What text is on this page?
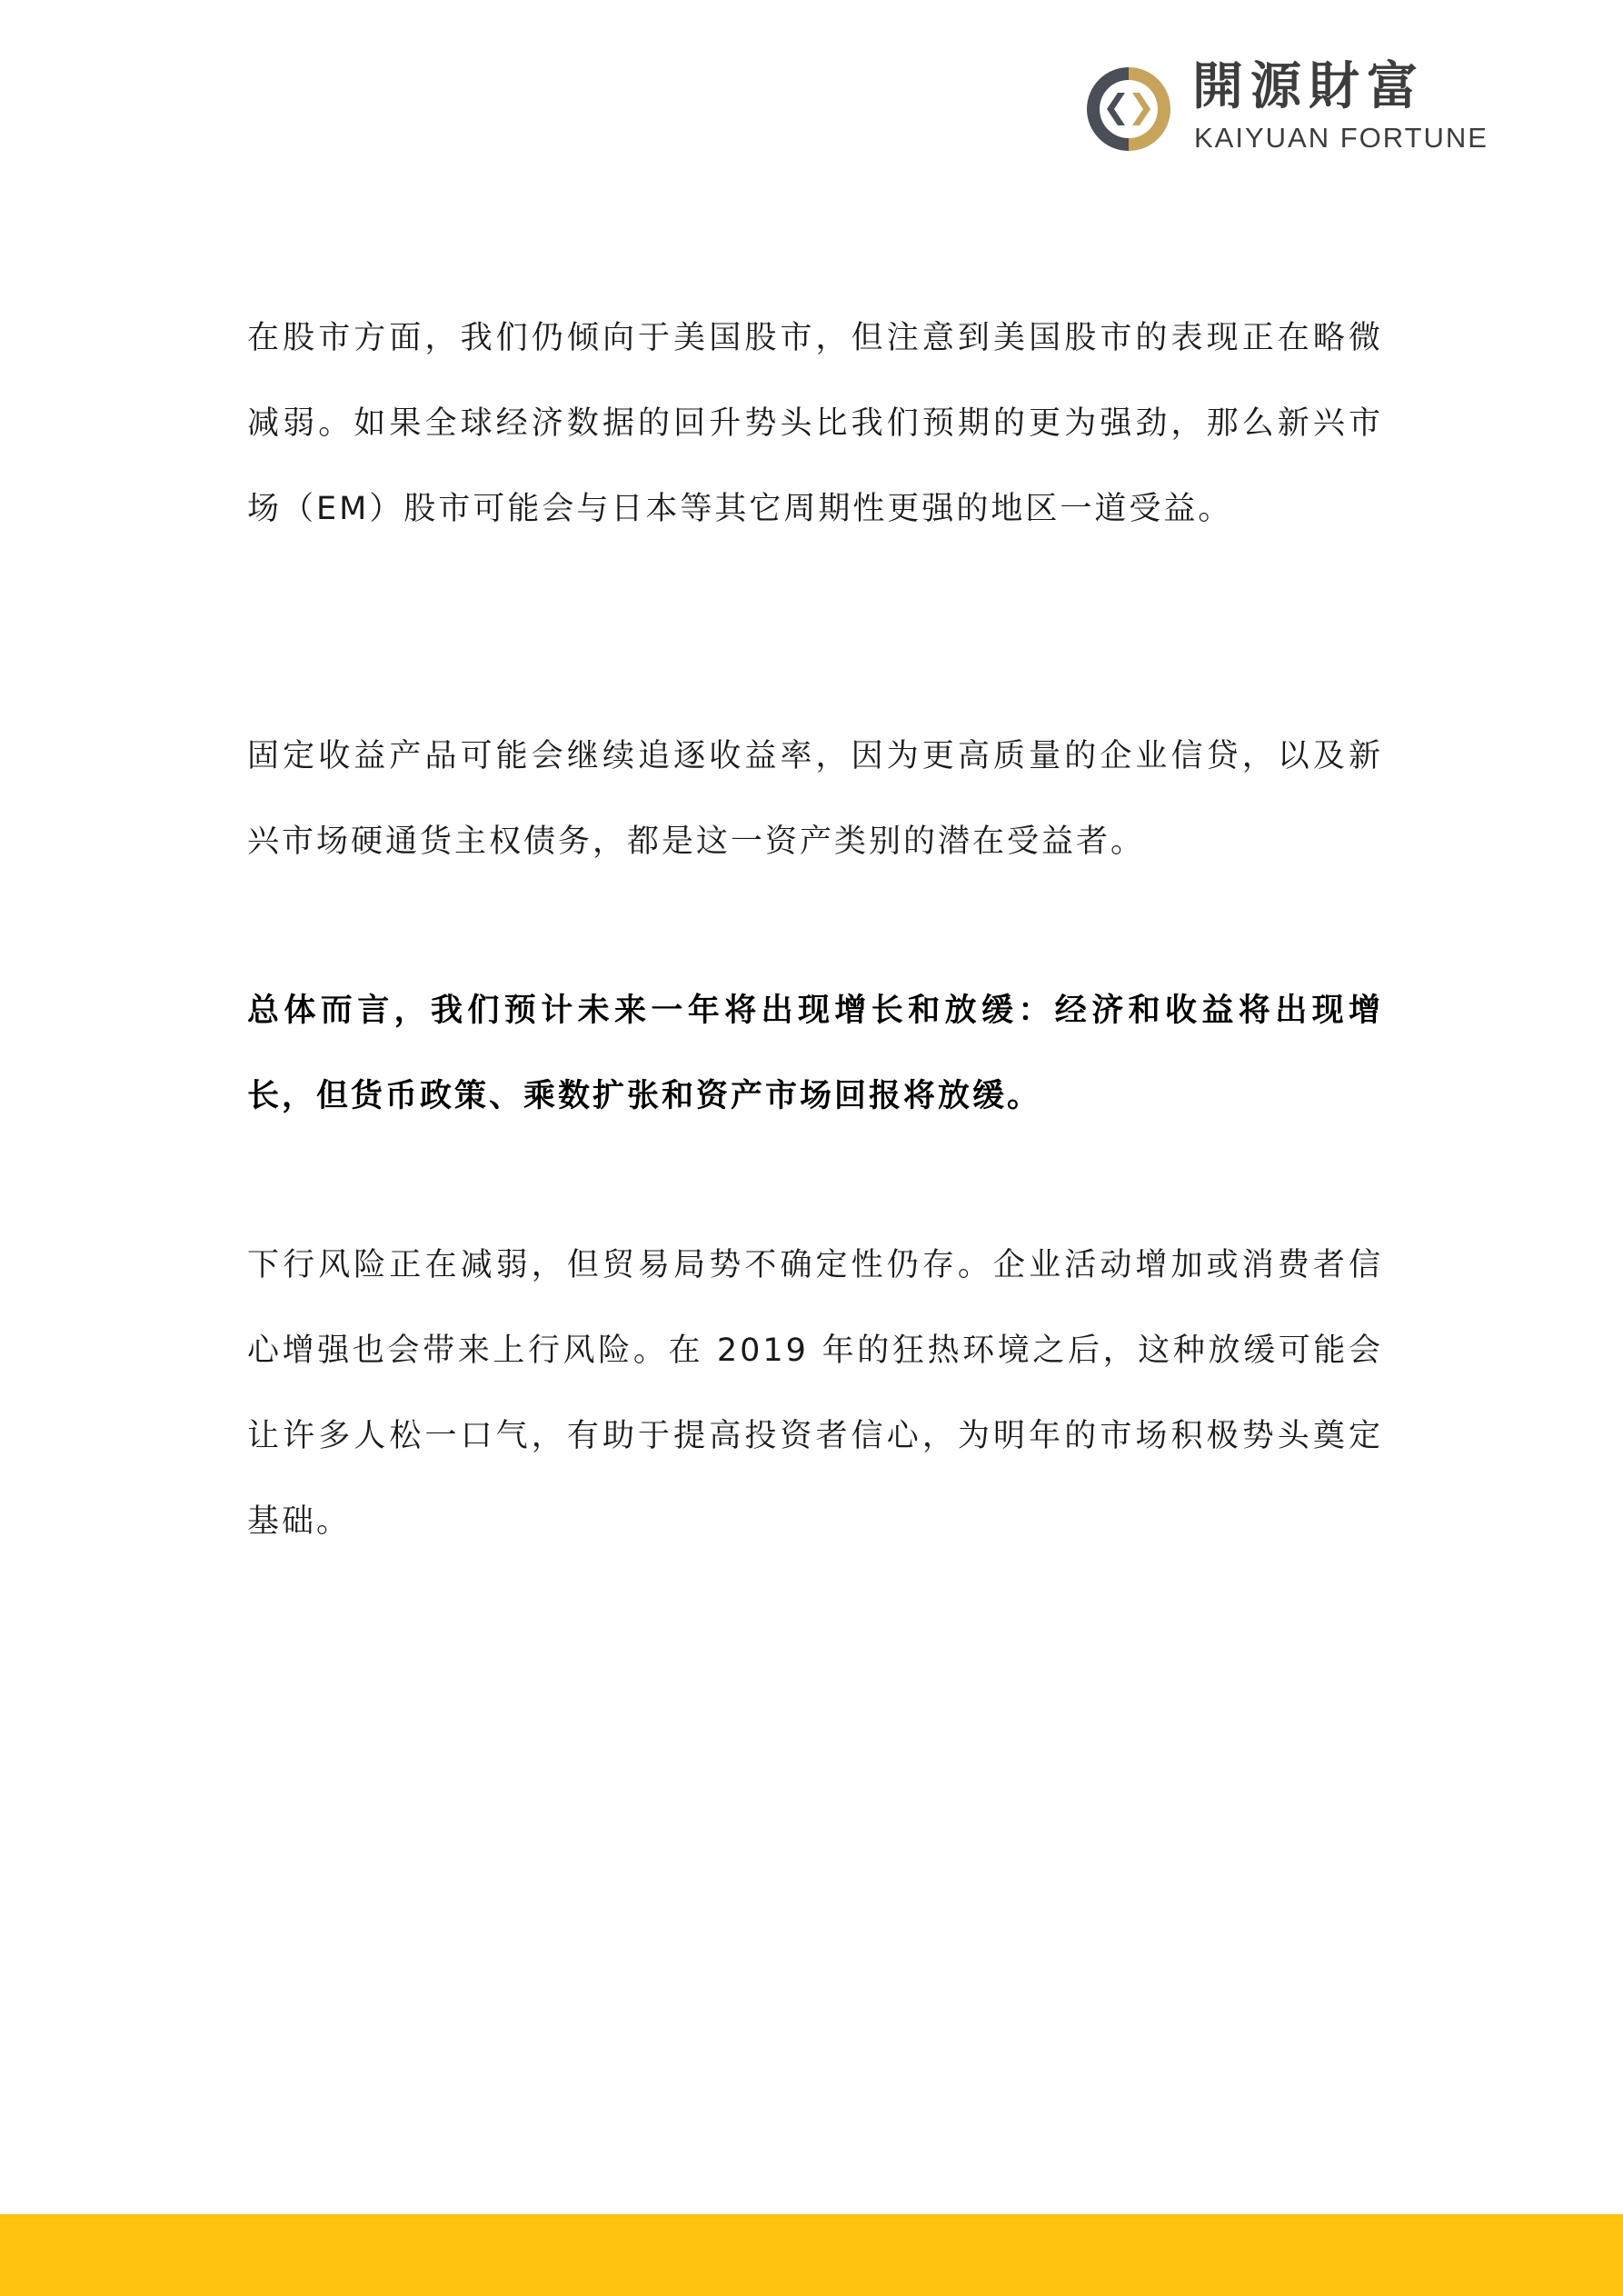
開源財富
KAIYUAN FORTUNE

在股市方面，我们仍倾向于美国股市，但注意到美国股市的表现正在略微减弱。如果全球经济数据的回升势头比我们预期的更为强劲，那么新兴市场（EM）股市可能会与日本等其它周期性更强的地区一道受益。

固定收益产品可能会继续追逐收益率，因为更高质量的企业信贷，以及新兴市场硬通货主权债务，都是这一资产类别的潜在受益者。

总体而言，我们预计未来一年将出现增长和放缓：经济和收益将出现增长，但货币政策、乘数扩张和资产市场回报将放缓。

下行风险正在减弱，但贸易局势不确定性仍存。企业活动增加或消费者信心增强也会带来上行风险。在 2019 年的狂热环境之后，这种放缓可能会让许多人松一口气，有助于提高投资者信心，为明年的市场积极势头奠定基础。
